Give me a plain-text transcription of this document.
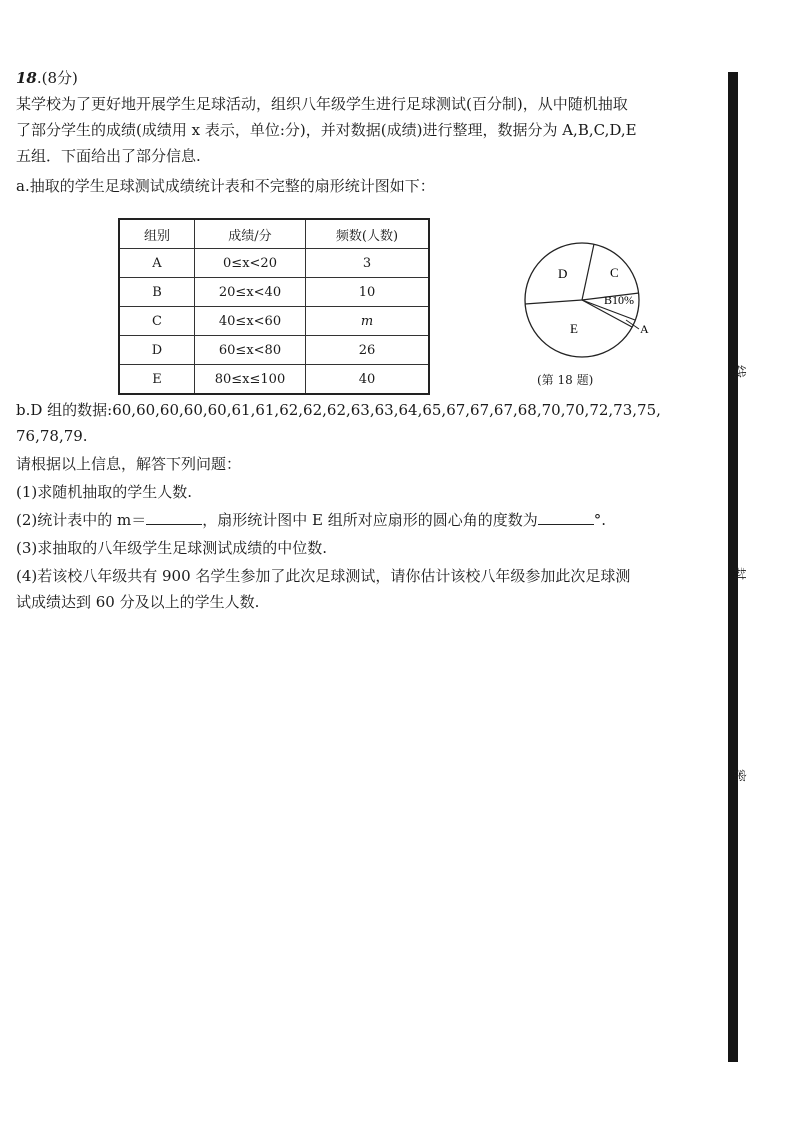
18.(8分)
某学校为了更好地开展学生足球活动，组织八年级学生进行足球测试(百分制)，从中随机抽取
了部分学生的成绩(成绩用 x 表示，单位:分)，并对数据(成绩)进行整理，数据分为 A,B,C,D,E
五组．下面给出了部分信息.
a.抽取的学生足球测试成绩统计表和不完整的扇形统计图如下：
组别	成绩/分	频数(人数)
A	0≤x<20	3
B	20≤x<40	10
C	40≤x<60	m
D	60≤x<80	26
E	80≤x≤100	40
D	C
B10%
E	A
(第 18 题)
b.D 组的数据:60,60,60,60,60,61,61,62,62,62,63,63,64,65,67,67,67,68,70,70,72,73,75,
76,78,79.
请根据以上信息，解答下列问题：
(1)求随机抽取的学生人数.
(2)统计表中的 m＝	，扇形统计图中 E 组所对应扇形的圆心角的度数为	°.
(3)求抽取的八年级学生足球测试成绩的中位数.
(4)若该校八年级共有 900 名学生参加了此次足球测试，请你估计该校八年级参加此次足球测
试成绩达到 60 分及以上的学生人数.
线
封
密
